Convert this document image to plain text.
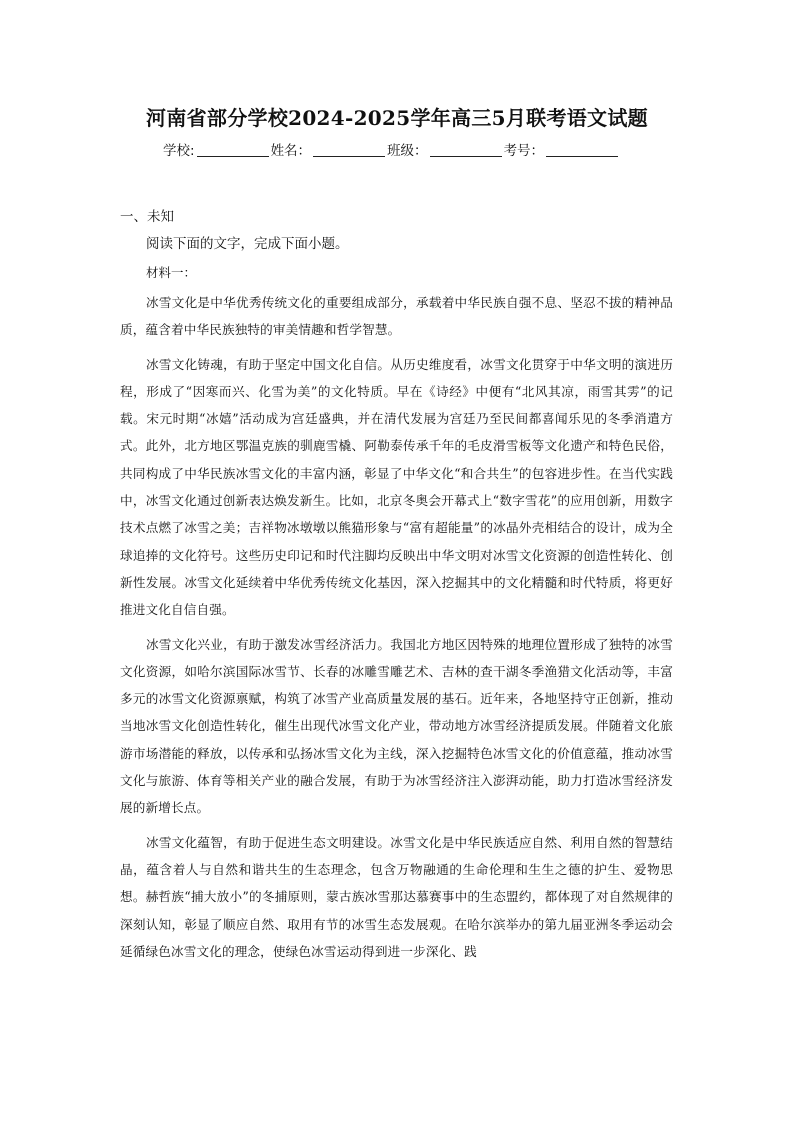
河南省部分学校2024-2025学年高三5月联考语文试题
学校:	姓名：	班级：	考号：
一、未知
阅读下面的文字，完成下面小题。
材料一：

冰雪文化是中华优秀传统文化的重要组成部分，承载着中华民族自强不息、坚忍不拔的精神品质，蕴含着中华民族独特的审美情趣和哲学智慧。

冰雪文化铸魂，有助于坚定中国文化自信。从历史维度看，冰雪文化贯穿于中华文明的演进历程，形成了“因寒而兴、化雪为美”的文化特质。早在《诗经》中便有“北风其凉，雨雪其雱”的记载。宋元时期“冰嬉”活动成为宫廷盛典，并在清代发展为宫廷乃至民间都喜闻乐见的冬季消遣方式。此外，北方地区鄂温克族的驯鹿雪橇、阿勒泰传承千年的毛皮滑雪板等文化遗产和特色民俗，共同构成了中华民族冰雪文化的丰富内涵，彰显了中华文化“和合共生”的包容进步性。在当代实践中，冰雪文化通过创新表达焕发新生。比如，北京冬奥会开幕式上“数字雪花”的应用创新，用数字技术点燃了冰雪之美；吉祥物冰墩墩以熊猫形象与“富有超能量”的冰晶外壳相结合的设计，成为全球追捧的文化符号。这些历史印记和时代注脚均反映出中华文明对冰雪文化资源的创造性转化、创新性发展。冰雪文化延续着中华优秀传统文化基因，深入挖掘其中的文化精髓和时代特质，将更好推进文化自信自强。

冰雪文化兴业，有助于激发冰雪经济活力。我国北方地区因特殊的地理位置形成了独特的冰雪文化资源，如哈尔滨国际冰雪节、长春的冰雕雪雕艺术、吉林的查干湖冬季渔猎文化活动等，丰富多元的冰雪文化资源禀赋，构筑了冰雪产业高质量发展的基石。近年来，各地坚持守正创新，推动当地冰雪文化创造性转化，催生出现代冰雪文化产业，带动地方冰雪经济提质发展。伴随着文化旅游市场潜能的释放，以传承和弘扬冰雪文化为主线，深入挖掘特色冰雪文化的价值意蕴，推动冰雪文化与旅游、体育等相关产业的融合发展，有助于为冰雪经济注入澎湃动能，助力打造冰雪经济发展的新增长点。

冰雪文化蕴智，有助于促进生态文明建设。冰雪文化是中华民族适应自然、利用自然的智慧结晶，蕴含着人与自然和谐共生的生态理念，包含万物融通的生命伦理和生生之德的护生、爱物思想。赫哲族“捕大放小”的冬捕原则，蒙古族冰雪那达慕赛事中的生态盟约，都体现了对自然规律的深刻认知，彰显了顺应自然、取用有节的冰雪生态发展观。在哈尔滨举办的第九届亚洲冬季运动会延循绿色冰雪文化的理念，使绿色冰雪运动得到进一步深化、践
